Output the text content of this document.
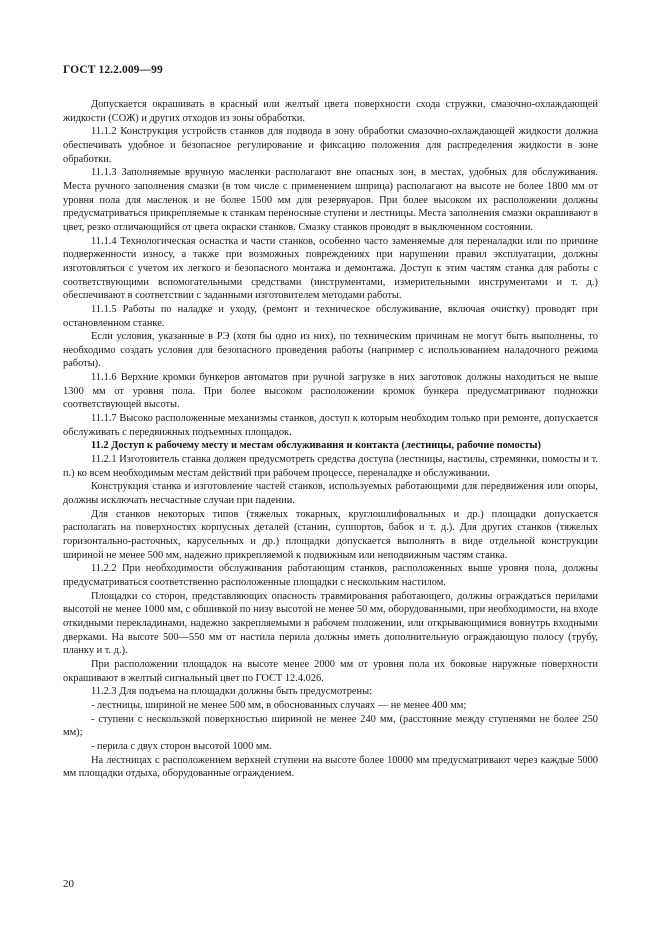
ГОСТ 12.2.009—99

Допускается окрашивать в красный или желтый цвета поверхности схода стружки, смазочно-охлаждающей жидкости (СОЖ) и других отходов из зоны обработки.

11.1.2 Конструкция устройств станков для подвода в зону обработки смазочно-охлаждающей жидкости должна обеспечивать удобное и безопасное регулирование и фиксацию положения для распределения жидкости в зоне обработки.

11.1.3 Заполняемые вручную масленки располагают вне опасных зон, в местах, удобных для обслуживания. Места ручного заполнения смазки (в том числе с применением шприца) располагают на высоте не более 1800 мм от уровня пола для масленок и не более 1500 мм для резервуаров. При более высоком их расположении должны предусматриваться прикрепляемые к станкам переносные ступени и лестницы. Места заполнения смазки окрашивают в цвет, резко отличающийся от цвета окраски станков. Смазку станков проводят в выключенном состоянии.

11.1.4 Технологическая оснастка и части станков, особенно часто заменяемые для переналадки или по причине подверженности износу, а также при возможных повреждениях при нарушении правил эксплуатации, должны изготовляться с учетом их легкого и безопасного монтажа и демонтажа. Доступ к этим частям станка для работы с соответствующими вспомогательными средствами (инструментами, измерительными инструментами и т. д.) обеспечивают в соответствии с заданными изготовителем методами работы.

11.1.5 Работы по наладке и уходу, (ремонт и техническое обслуживание, включая очистку) проводят при остановленном станке.

Если условия, указанные в РЭ (хотя бы одно из них), по техническим причинам не могут быть выполнены, то необходимо создать условия для безопасного проведения работы (например с использованием наладочного режима работы).

11.1.6 Верхние кромки бункеров автоматов при ручной загрузке в них заготовок должны находиться не выше 1300 мм от уровня пола. При более высоком расположении кромок бункера предусматривают подножки соответствующей высоты.

11.1.7 Высоко расположенные механизмы станков, доступ к которым необходим только при ремонте, допускается обслуживать с передвижных подъемных площадок.

11.2 Доступ к рабочему месту и местам обслуживания и контакта (лестницы, рабочие помосты)

11.2.1 Изготовитель станка должен предусмотреть средства доступа (лестницы, настилы, стремянки, помосты и т. п.) ко всем необходимым местам действий при рабочем процессе, переналадке и обслуживании.

Конструкция станка и изготовление частей станков, используемых работающими для передвижения или опоры, должны исключать несчастные случаи при падении.

Для станков некоторых типов (тяжелых токарных, круглошлифовальных и др.) площадки допускается располагать на поверхностях корпусных деталей (станин, суппортов, бабок и т. д.). Для других станков (тяжелых горизонтально-расточных, карусельных и др.) площадки допускается выполнять в виде отдельной конструкции шириной не менее 500 мм, надежно прикрепляемой к подвижным или неподвижным частям станка.

11.2.2 При необходимости обслуживания работающим станков, расположенных выше уровня пола, должны предусматриваться соответственно расположенные площадки с нескольким настилом.

Площадки со сторон, представляющих опасность травмирования работающего, должны ограждаться перилами высотой не менее 1000 мм, с обшивкой по низу высотой не менее 50 мм, оборудованными, при необходимости, на входе откидными перекладинами, надежно закрепляемыми в рабочем положении, или открывающимися вовнутрь входными дверками. На высоте 500—550 мм от настила перила должны иметь дополнительную ограждающую полосу (трубу, планку и т. д.).

При расположении площадок на высоте менее 2000 мм от уровня пола их боковые наружные поверхности окрашивают в желтый сигнальный цвет по ГОСТ 12.4.026.

11.2.3 Для подъема на площадки должны быть предусмотрены:

- лестницы, шириной не менее 500 мм, в обоснованных случаях — не менее 400 мм;

- ступени с нескользкой поверхностью шириной не менее 240 мм, (расстояние между ступенями не более 250 мм);

- перила с двух сторон высотой 1000 мм.

На лестницах с расположением верхней ступени на высоте более 10000 мм предусматривают через каждые 5000 мм площадки отдыха, оборудованные ограждением.

20
